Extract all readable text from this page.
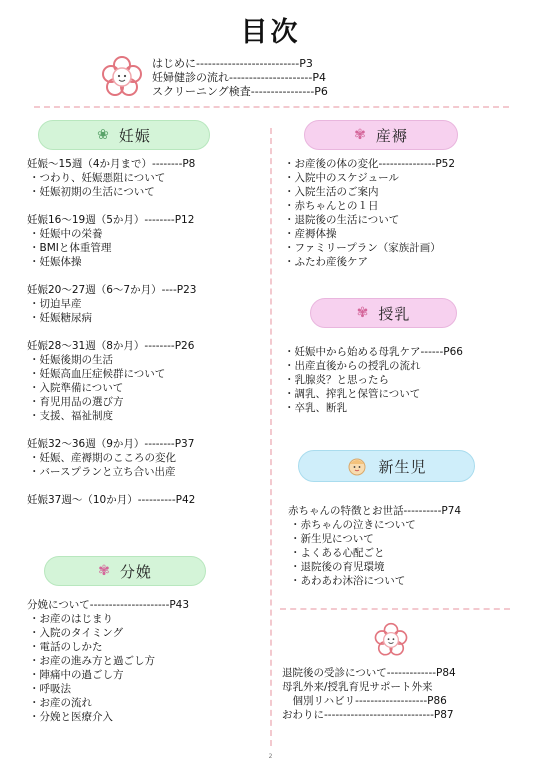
目次
はじめに--------------------------P3
妊婦健診の流れ---------------------P4
スクリーニング検査----------------P6
❀ 妊娠
妊娠～15週（4か月まで）--------P8
・つわり、妊娠悪阻について
・妊娠初期の生活について
妊娠16～19週（5か月）--------P12
・妊娠中の栄養
・BMIと体重管理
・妊娠体操
妊娠20～27週（6～7か月）----P23
・切迫早産
・妊娠糖尿病
妊娠28～31週（8か月）--------P26
・妊娠後期の生活
・妊娠高血圧症候群について
・入院準備について
・育児用品の選び方
・支援、福祉制度
妊娠32～36週（9か月）--------P37
・妊娠、産褥期のこころの変化
・バースプランと立ち合い出産
妊娠37週～（10か月）----------P42
✾ 分娩
分娩について---------------------P43
・お産のはじまり
・入院のタイミング
・電話のしかた
・お産の進み方と過ごし方
・陣痛中の過ごし方
・呼吸法
・お産の流れ
・分娩と医療介入
✾ 産褥
・お産後の体の変化---------------P52
・入院中のスケジュール
・入院生活のご案内
・赤ちゃんとの１日
・退院後の生活について
・産褥体操
・ファミリープラン（家族計画）
・ふたわ産後ケア
✾ 授乳
・妊娠中から始める母乳ケア------P66
・出産直後からの授乳の流れ
・乳腺炎？と思ったら
・調乳、搾乳と保管について
・卒乳、断乳
新生児
赤ちゃんの特徴とお世話----------P74
・赤ちゃんの泣きについて
・新生児について
・よくある心配ごと
・退院後の育児環境
・あわあわ沐浴について
退院後の受診について-------------P84
母乳外来/授乳育児サポート外来
　個別リハビリ-------------------P86
おわりに-----------------------------P87
2
